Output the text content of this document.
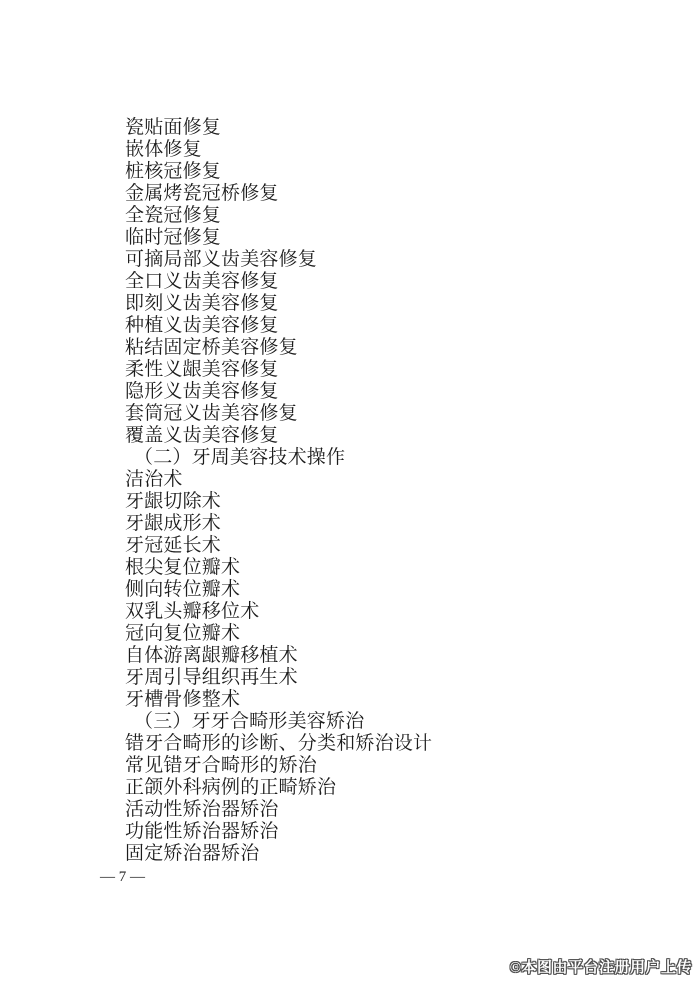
瓷贴面修复
嵌体修复
桩核冠修复
金属烤瓷冠桥修复
全瓷冠修复
临时冠修复
可摘局部义齿美容修复
全口义齿美容修复
即刻义齿美容修复
种植义齿美容修复
粘结固定桥美容修复
柔性义龈美容修复
隐形义齿美容修复
套筒冠义齿美容修复
覆盖义齿美容修复
（二）牙周美容技术操作
洁治术
牙龈切除术
牙龈成形术
牙冠延长术
根尖复位瓣术
侧向转位瓣术
双乳头瓣移位术
冠向复位瓣术
自体游离龈瓣移植术
牙周引导组织再生术
牙槽骨修整术
（三）牙牙合畸形美容矫治
错牙合畸形的诊断、分类和矫治设计
常见错牙合畸形的矫治
正颌外科病例的正畸矫治
活动性矫治器矫治
功能性矫治器矫治
固定矫治器矫治
— 7 —
©本图由平台注册用户上传
